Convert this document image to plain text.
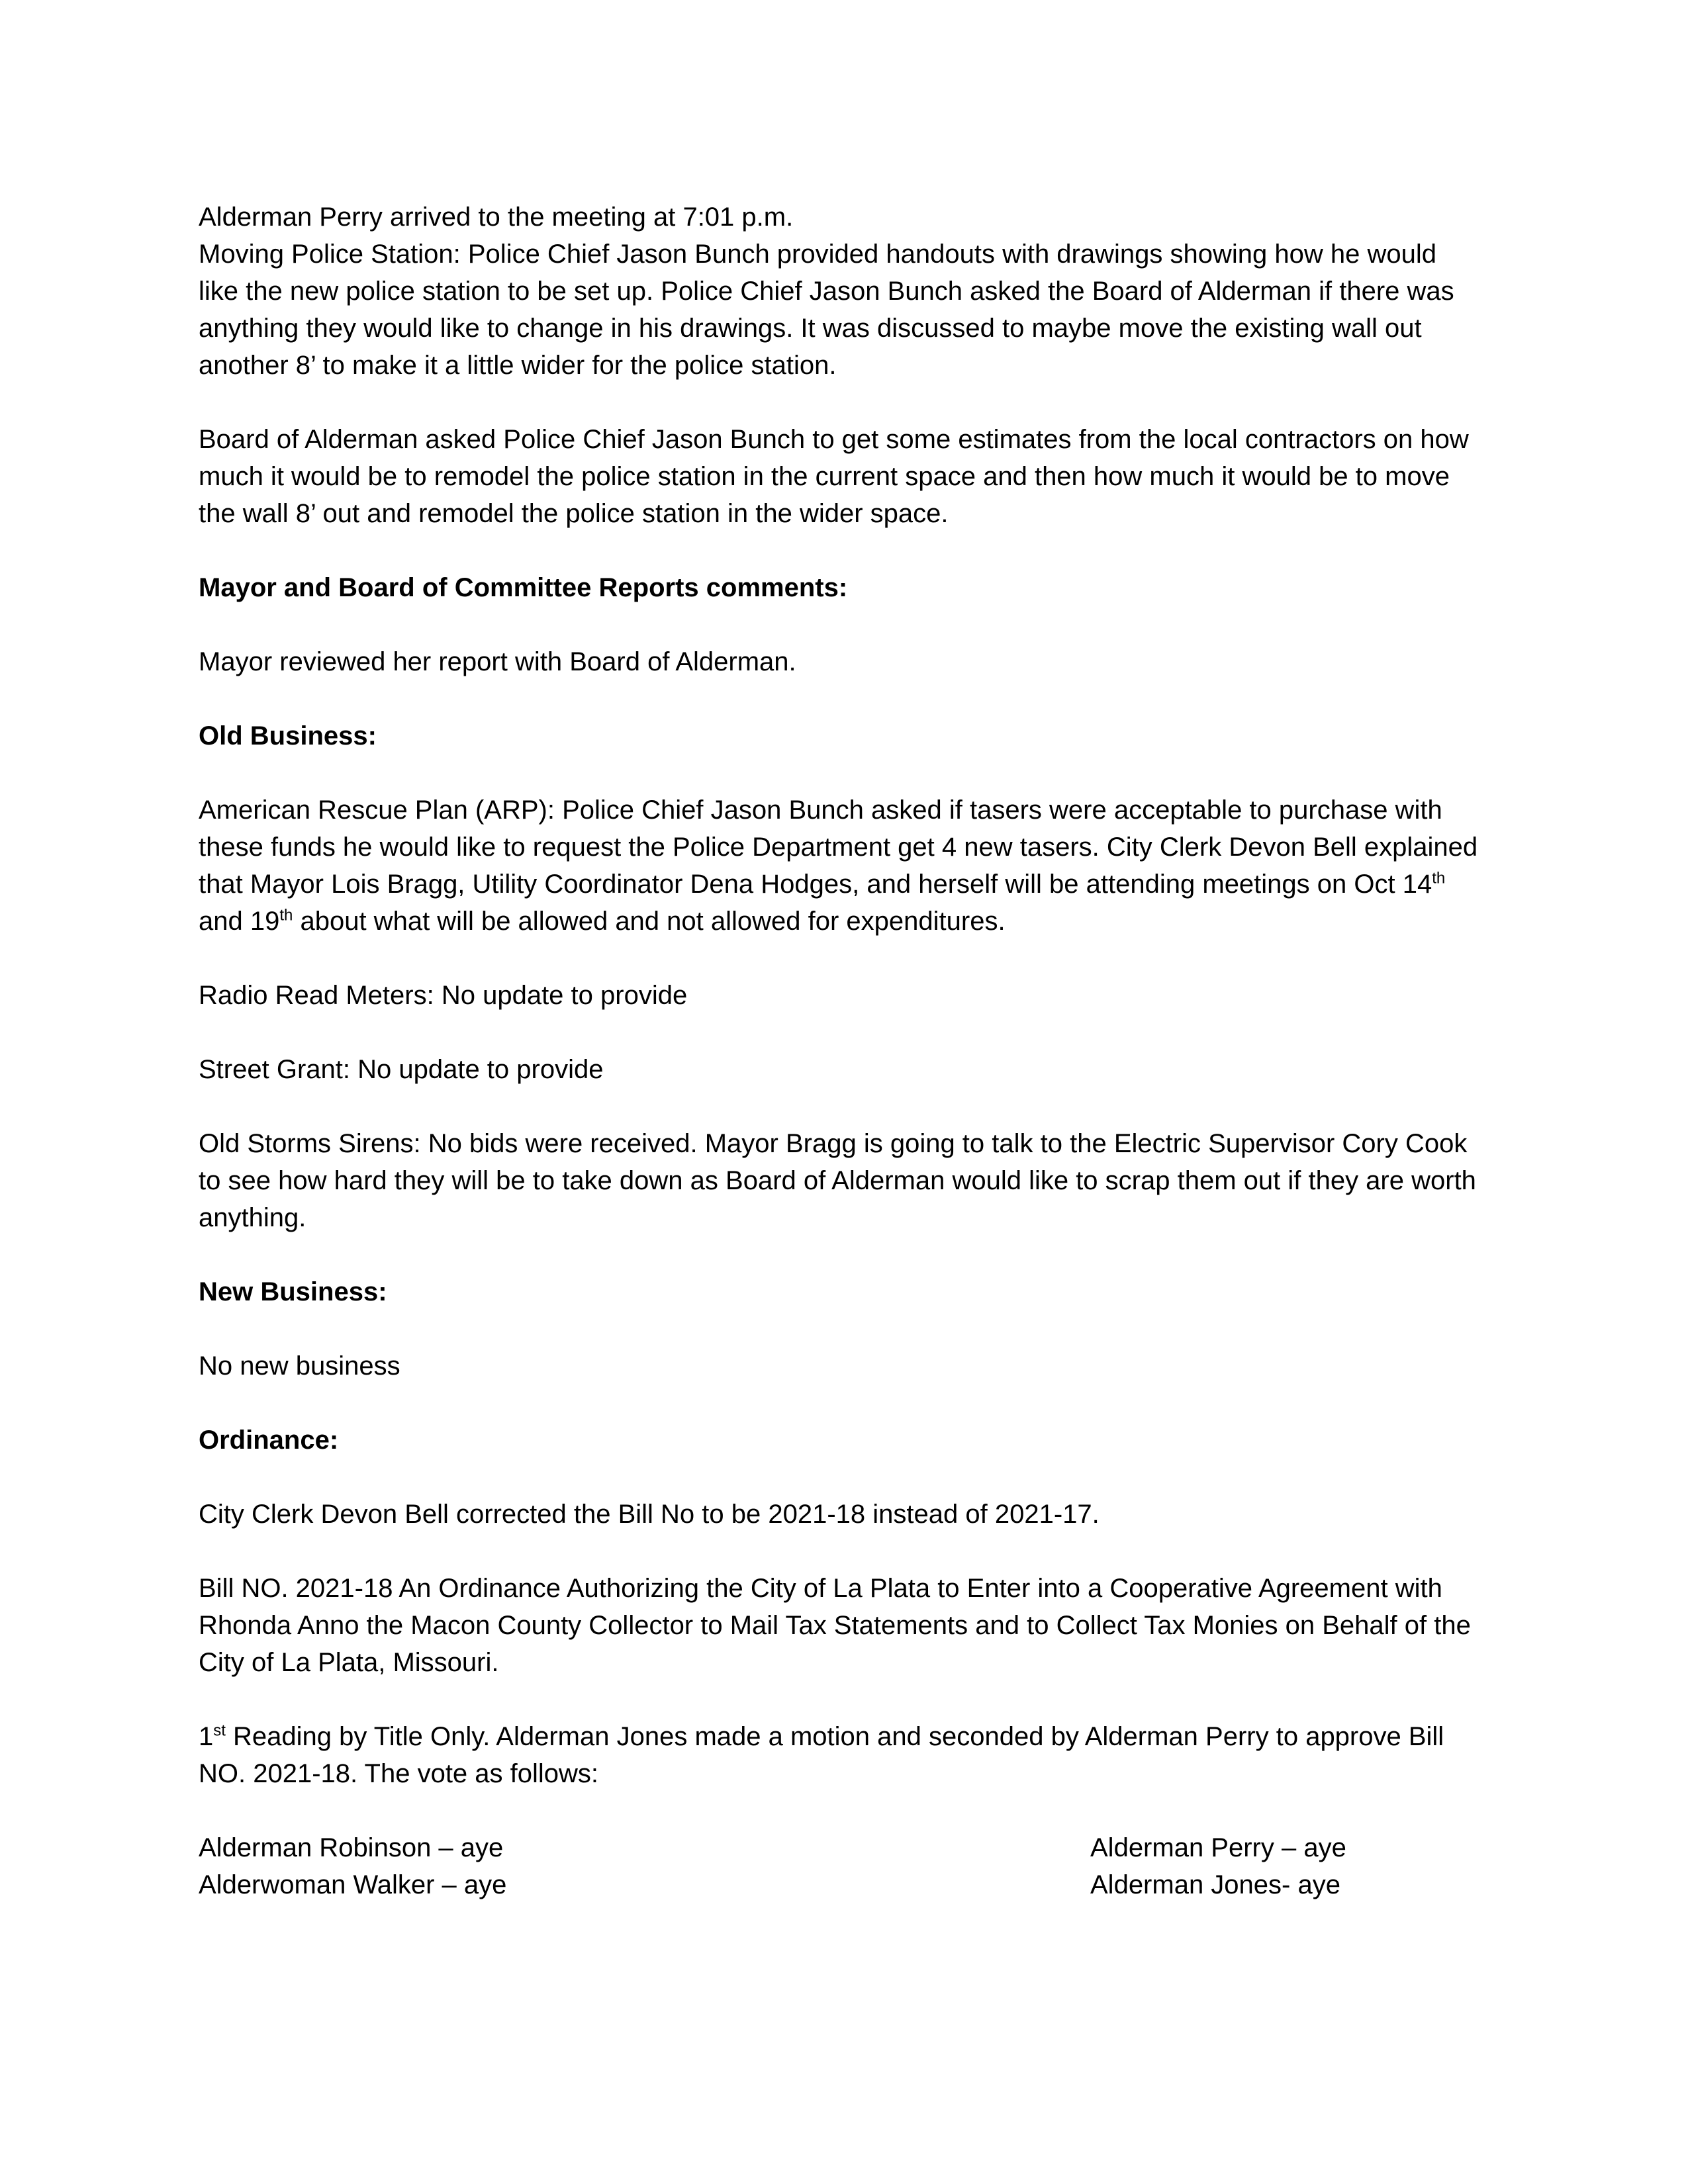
Alderman Perry arrived to the meeting at 7:01 p.m.

Moving Police Station: Police Chief Jason Bunch provided handouts with drawings showing how he would like the new police station to be set up. Police Chief Jason Bunch asked the Board of Alderman if there was anything they would like to change in his drawings. It was discussed to maybe move the existing wall out another 8’ to make it a little wider for the police station.

Board of Alderman asked Police Chief Jason Bunch to get some estimates from the local contractors on how much it would be to remodel the police station in the current space and then how much it would be to move the wall 8’ out and remodel the police station in the wider space.

Mayor and Board of Committee Reports comments:

Mayor reviewed her report with Board of Alderman.

Old Business:

American Rescue Plan (ARP): Police Chief Jason Bunch asked if tasers were acceptable to purchase with these funds he would like to request the Police Department get 4 new tasers. City Clerk Devon Bell explained that Mayor Lois Bragg, Utility Coordinator Dena Hodges, and herself will be attending meetings on Oct 14th and 19th about what will be allowed and not allowed for expenditures.

Radio Read Meters: No update to provide

Street Grant: No update to provide

Old Storms Sirens: No bids were received. Mayor Bragg is going to talk to the Electric Supervisor Cory Cook to see how hard they will be to take down as Board of Alderman would like to scrap them out if they are worth anything.

New Business:

No new business

Ordinance:

City Clerk Devon Bell corrected the Bill No to be 2021-18 instead of 2021-17.

Bill NO. 2021-18 An Ordinance Authorizing the City of La Plata to Enter into a Cooperative Agreement with Rhonda Anno the Macon County Collector to Mail Tax Statements and to Collect Tax Monies on Behalf of the City of La Plata, Missouri.

1st Reading by Title Only. Alderman Jones made a motion and seconded by Alderman Perry to approve Bill NO. 2021-18. The vote as follows:

Alderman Robinson – aye
Alderwoman Walker – aye
Alderman Perry – aye
Alderman Jones- aye
